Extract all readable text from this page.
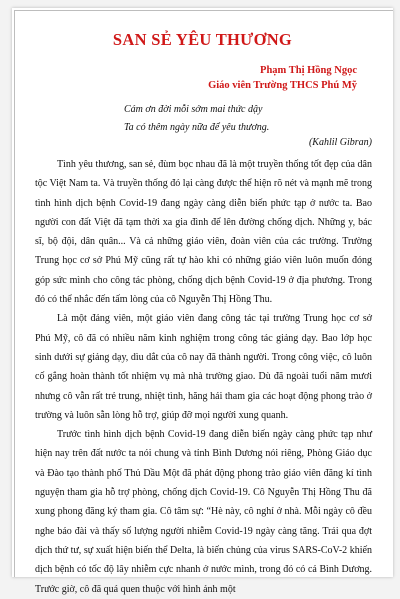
SAN SẺ YÊU THƯƠNG
Phạm Thị Hồng Ngọc
Giáo viên Trường THCS Phú Mỹ
Cám ơn đời mỗi sớm mai thức dậy
Ta có thêm ngày nữa để yêu thương.
(Kahlil Gibran)

Tình yêu thương, san sẻ, đùm bọc nhau đã là một truyền thống tốt đẹp của dân tộc Việt Nam ta. Và truyền thống đó lại càng được thể hiện rõ nét và mạnh mẽ trong tình hình dịch bệnh Covid-19 đang ngày càng diễn biến phức tạp ở nước ta. Bao người con đất Việt đã tạm thời xa gia đình để lên đường chống dịch. Những y, bác sĩ, bộ đội, dân quân... Và cả những giáo viên, đoàn viên của các trường. Trường Trung học cơ sở Phú Mỹ cũng rất tự hào khi có những giáo viên luôn muốn đóng góp sức mình cho công tác phòng, chống dịch bệnh Covid-19 ở địa phương. Trong đó có thể nhắc đến tấm lòng của cô Nguyễn Thị Hồng Thu.

Là một đảng viên, một giáo viên đang công tác tại trường Trung học cơ sở Phú Mỹ, cô đã có nhiều năm kinh nghiệm trong công tác giảng dạy. Bao lớp học sinh dưới sự giảng dạy, dìu dắt của cô nay đã thành người. Trong công việc, cô luôn cố gắng hoàn thành tốt nhiệm vụ mà nhà trường giao. Dù đã ngoài tuổi năm mươi nhưng cô vẫn rất trẻ trung, nhiệt tình, hăng hái tham gia các hoạt động phong trào ở trường và luôn sẵn lòng hỗ trợ, giúp đỡ mọi người xung quanh.

Trước tình hình dịch bệnh Covid-19 đang diễn biến ngày càng phức tạp như hiện nay trên đất nước ta nói chung và tỉnh Bình Dương nói riêng, Phòng Giáo dục và Đào tạo thành phố Thủ Dầu Một đã phát động phong trào giáo viên đăng kí tình nguyện tham gia hỗ trợ phòng, chống dịch Covid-19. Cô Nguyễn Thị Hồng Thu đã xung phong đăng ký tham gia. Cô tâm sự: “Hè này, cô nghỉ ở nhà. Mỗi ngày cô đều nghe báo đài và thấy số lượng người nhiễm Covid-19 ngày càng tăng. Trải qua đợt dịch thứ tư, sự xuất hiện biến thể Delta, là biến chủng của virus SARS-CoV-2 khiến dịch bệnh có tốc độ lây nhiễm cực nhanh ở nước mình, trong đó có cả Bình Dương. Trước giờ, cô đã quá quen thuộc với hình ảnh một
